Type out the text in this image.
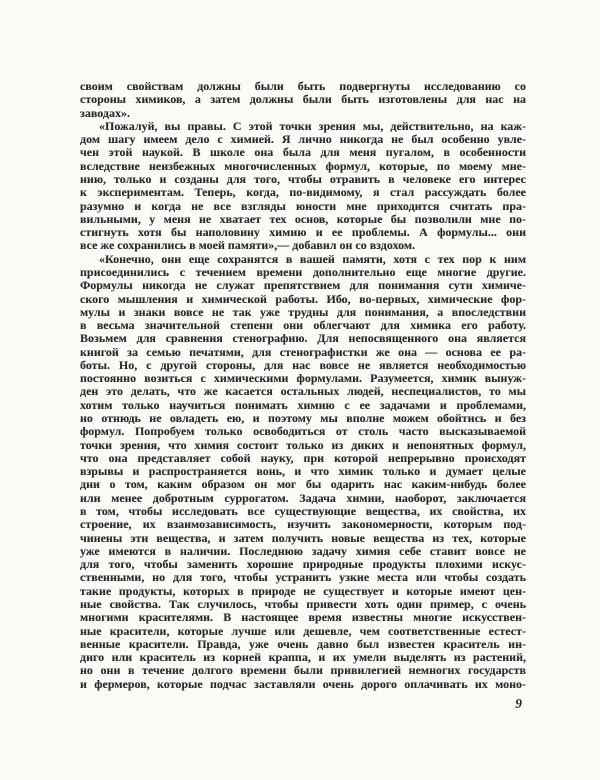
своим свойствам должны были быть подвергнуты исследованию со
стороны химиков, а затем должны были быть изготовлены для нас на
заводах».
«Пожалуй, вы правы. С этой точки зрения мы, действительно, на каж-
дом шагу имеем дело с химией. Я лично никогда не был особенно увле-
чен этой наукой. В школе она была для меня пугалом, в особенности
вследствие неизбежных многочисленных формул, которые, по моему мне-
нию, только и созданы для того, чтобы отравить в человеке его интерес
к экспериментам. Теперь, когда, по-видимому, я стал рассуждать более
разумно и когда не все взгляды юности мне приходится считать пра-
вильными, у меня не хватает тех основ, которые бы позволили мне по-
стигнуть хотя бы наполовину химию и ее проблемы. А формулы... они
все же сохранились в моей памяти»,— добавил он со вздохом.
«Конечно, они еще сохранятся в вашей памяти, хотя с тех пор к ним
присоединились с течением времени дополнительно еще многие другие.
Формулы никогда не служат препятствием для понимания сути химиче-
ского мышления и химической работы. Ибо, во-первых, химические фор-
мулы и знаки вовсе не так уже трудны для понимания, а впоследствии
в весьма значительной степени они облегчают для химика его работу.
Возьмем для сравнения стенографию. Для непосвященного она является
книгой за семью печатями, для стенографистки же она — основа ее ра-
боты. Но, с другой стороны, для нас вовсе не является необходимостью
постоянно возиться с химическими формулами. Разумеется, химик вынуж-
ден это делать, что же касается остальных людей, неспециалистов, то мы
хотим только научиться понимать химию с ее задачами и проблемами,
но отнюдь не овладеть ею, и поэтому мы вполне можем обойтись и без
формул. Попробуем только освободиться от столь часто высказываемой
точки зрения, что химия состоит только из диких и непонятных формул,
что она представляет собой науку, при которой непрерывно происходят
взрывы и распространяется вонь, и что химик только и думает целые
дни о том, каким образом он мог бы одарить нас каким-нибудь более
или менее добротным суррогатом. Задача химии, наоборот, заключается
в том, чтобы исследовать все существующие вещества, их свойства, их
строение, их взаимозависимость, изучить закономерности, которым под-
чинены эти вещества, и затем получить новые вещества из тех, которые
уже имеются в наличии. Последнюю задачу химия себе ставит вовсе не
для того, чтобы заменить хорошие природные продукты плохими искус-
ственными, но для того, чтобы устранить узкие места или чтобы создать
такие продукты, которых в природе не существует и которые имеют цен-
ные свойства. Так случилось, чтобы привести хоть один пример, с очень
многими красителями. В настоящее время известны многие искусствен-
ные красители, которые лучше или дешевле, чем соответственные естест-
венные красители. Правда, уже очень давно был известен краситель ин-
диго или краситель из корней краппа, и их умели выделять из растений,
но они в течение долгого времени были привилегией немногих государств
и фермеров, которые подчас заставляли очень дорого оплачивать их моно-
9
